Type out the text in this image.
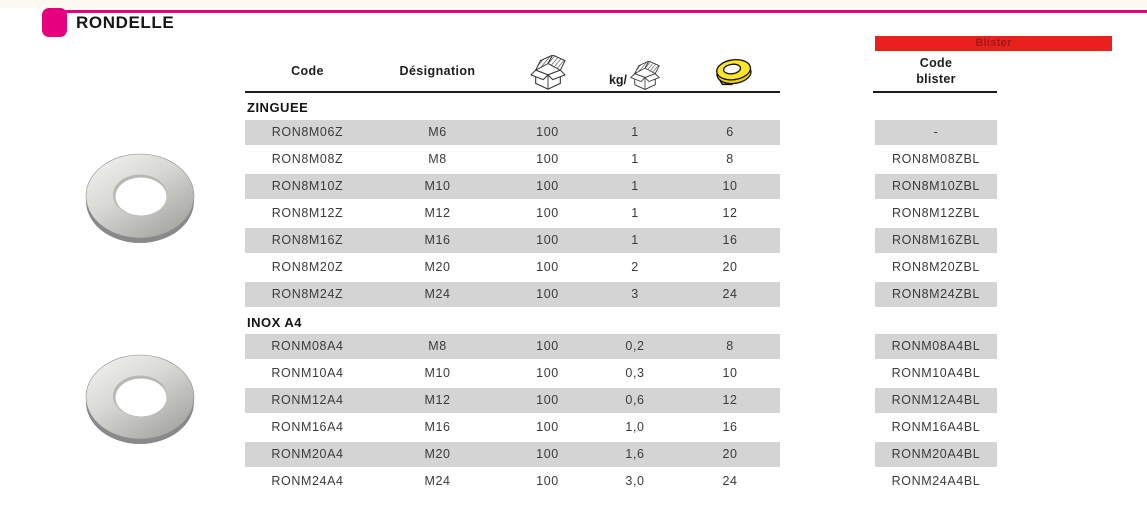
RONDELLE
Code	Désignation
kg/
Blister
Code
blister
ZINGUEE
RON8M06Z	M6	100	1	6	-
RON8M08Z	M8	100	1	8	RON8M08ZBL
RON8M10Z	M10	100	1	10	RON8M10ZBL
RON8M12Z	M12	100	1	12	RON8M12ZBL
RON8M16Z	M16	100	1	16	RON8M16ZBL
RON8M20Z	M20	100	2	20	RON8M20ZBL
RON8M24Z	M24	100	3	24	RON8M24ZBL
INOX A4
RONM08A4	M8	100	0,2	8	RONM08A4BL
RONM10A4	M10	100	0,3	10	RONM10A4BL
RONM12A4	M12	100	0,6	12	RONM12A4BL
RONM16A4	M16	100	1,0	16	RONM16A4BL
RONM20A4	M20	100	1,6	20	RONM20A4BL
RONM24A4	M24	100	3,0	24	RONM24A4BL
